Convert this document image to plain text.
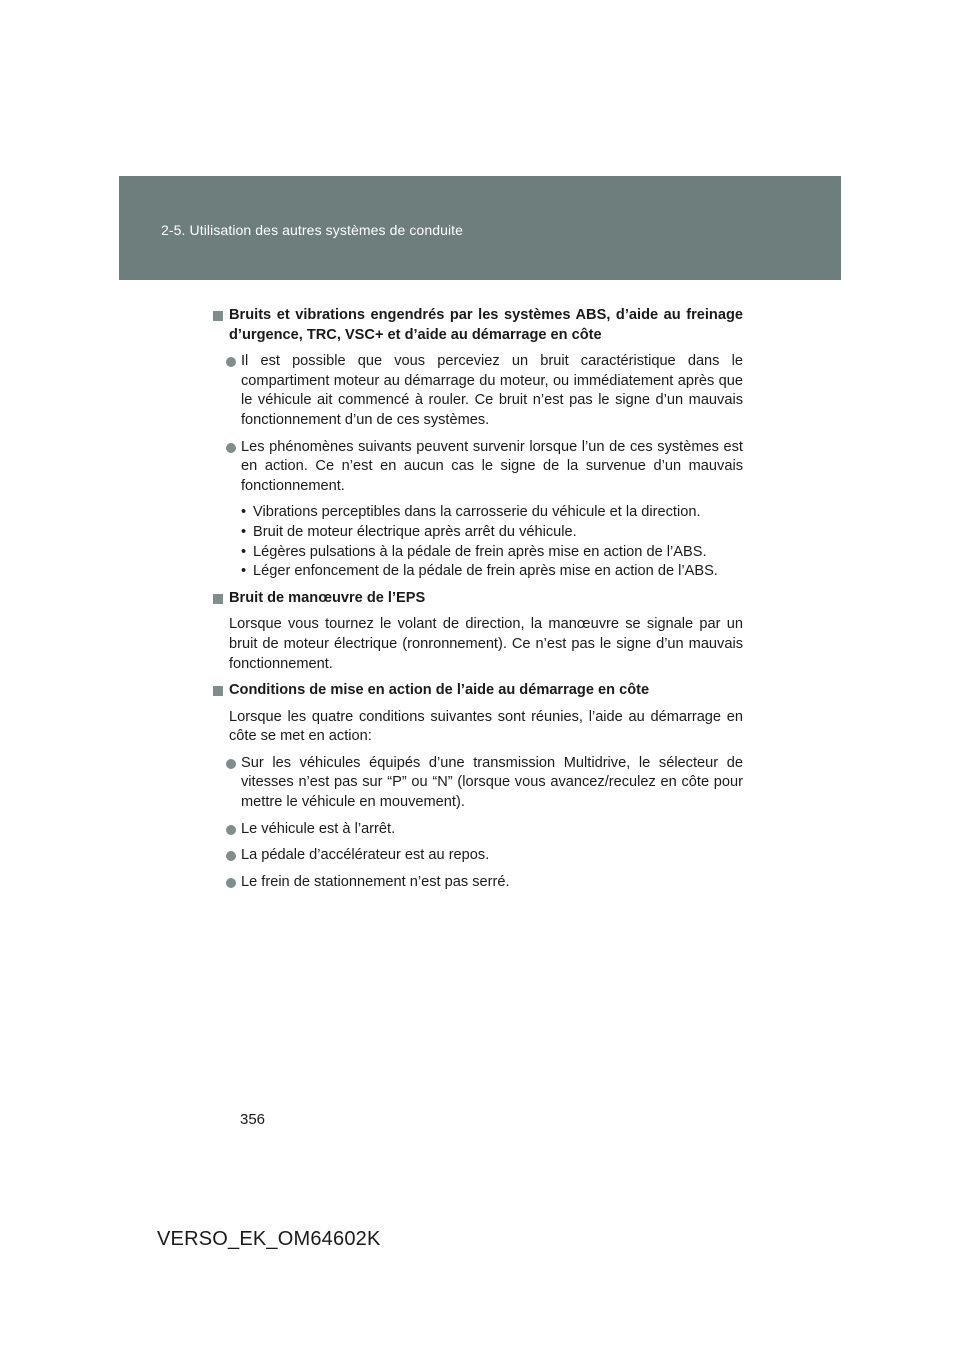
2-5. Utilisation des autres systèmes de conduite
Bruits et vibrations engendrés par les systèmes ABS, d’aide au freinage d’urgence, TRC, VSC+ et d’aide au démarrage en côte
Il est possible que vous perceviez un bruit caractéristique dans le compartiment moteur au démarrage du moteur, ou immédiatement après que le véhicule ait commencé à rouler. Ce bruit n’est pas le signe d’un mauvais fonctionnement d’un de ces systèmes.
Les phénomènes suivants peuvent survenir lorsque l’un de ces systèmes est en action. Ce n’est en aucun cas le signe de la survenue d’un mauvais fonctionnement.
• Vibrations perceptibles dans la carrosserie du véhicule et la direction.
• Bruit de moteur électrique après arrêt du véhicule.
• Légères pulsations à la pédale de frein après mise en action de l’ABS.
• Léger enfoncement de la pédale de frein après mise en action de l’ABS.
Bruit de manœuvre de l’EPS
Lorsque vous tournez le volant de direction, la manœuvre se signale par un bruit de moteur électrique (ronronnement). Ce n’est pas le signe d’un mauvais fonctionnement.
Conditions de mise en action de l’aide au démarrage en côte
Lorsque les quatre conditions suivantes sont réunies, l’aide au démarrage en côte se met en action:
Sur les véhicules équipés d’une transmission Multidrive, le sélecteur de vitesses n’est pas sur “P” ou “N” (lorsque vous avancez/reculez en côte pour mettre le véhicule en mouvement).
Le véhicule est à l’arrêt.
La pédale d’accélérateur est au repos.
Le frein de stationnement n’est pas serré.
356
VERSO_EK_OM64602K
